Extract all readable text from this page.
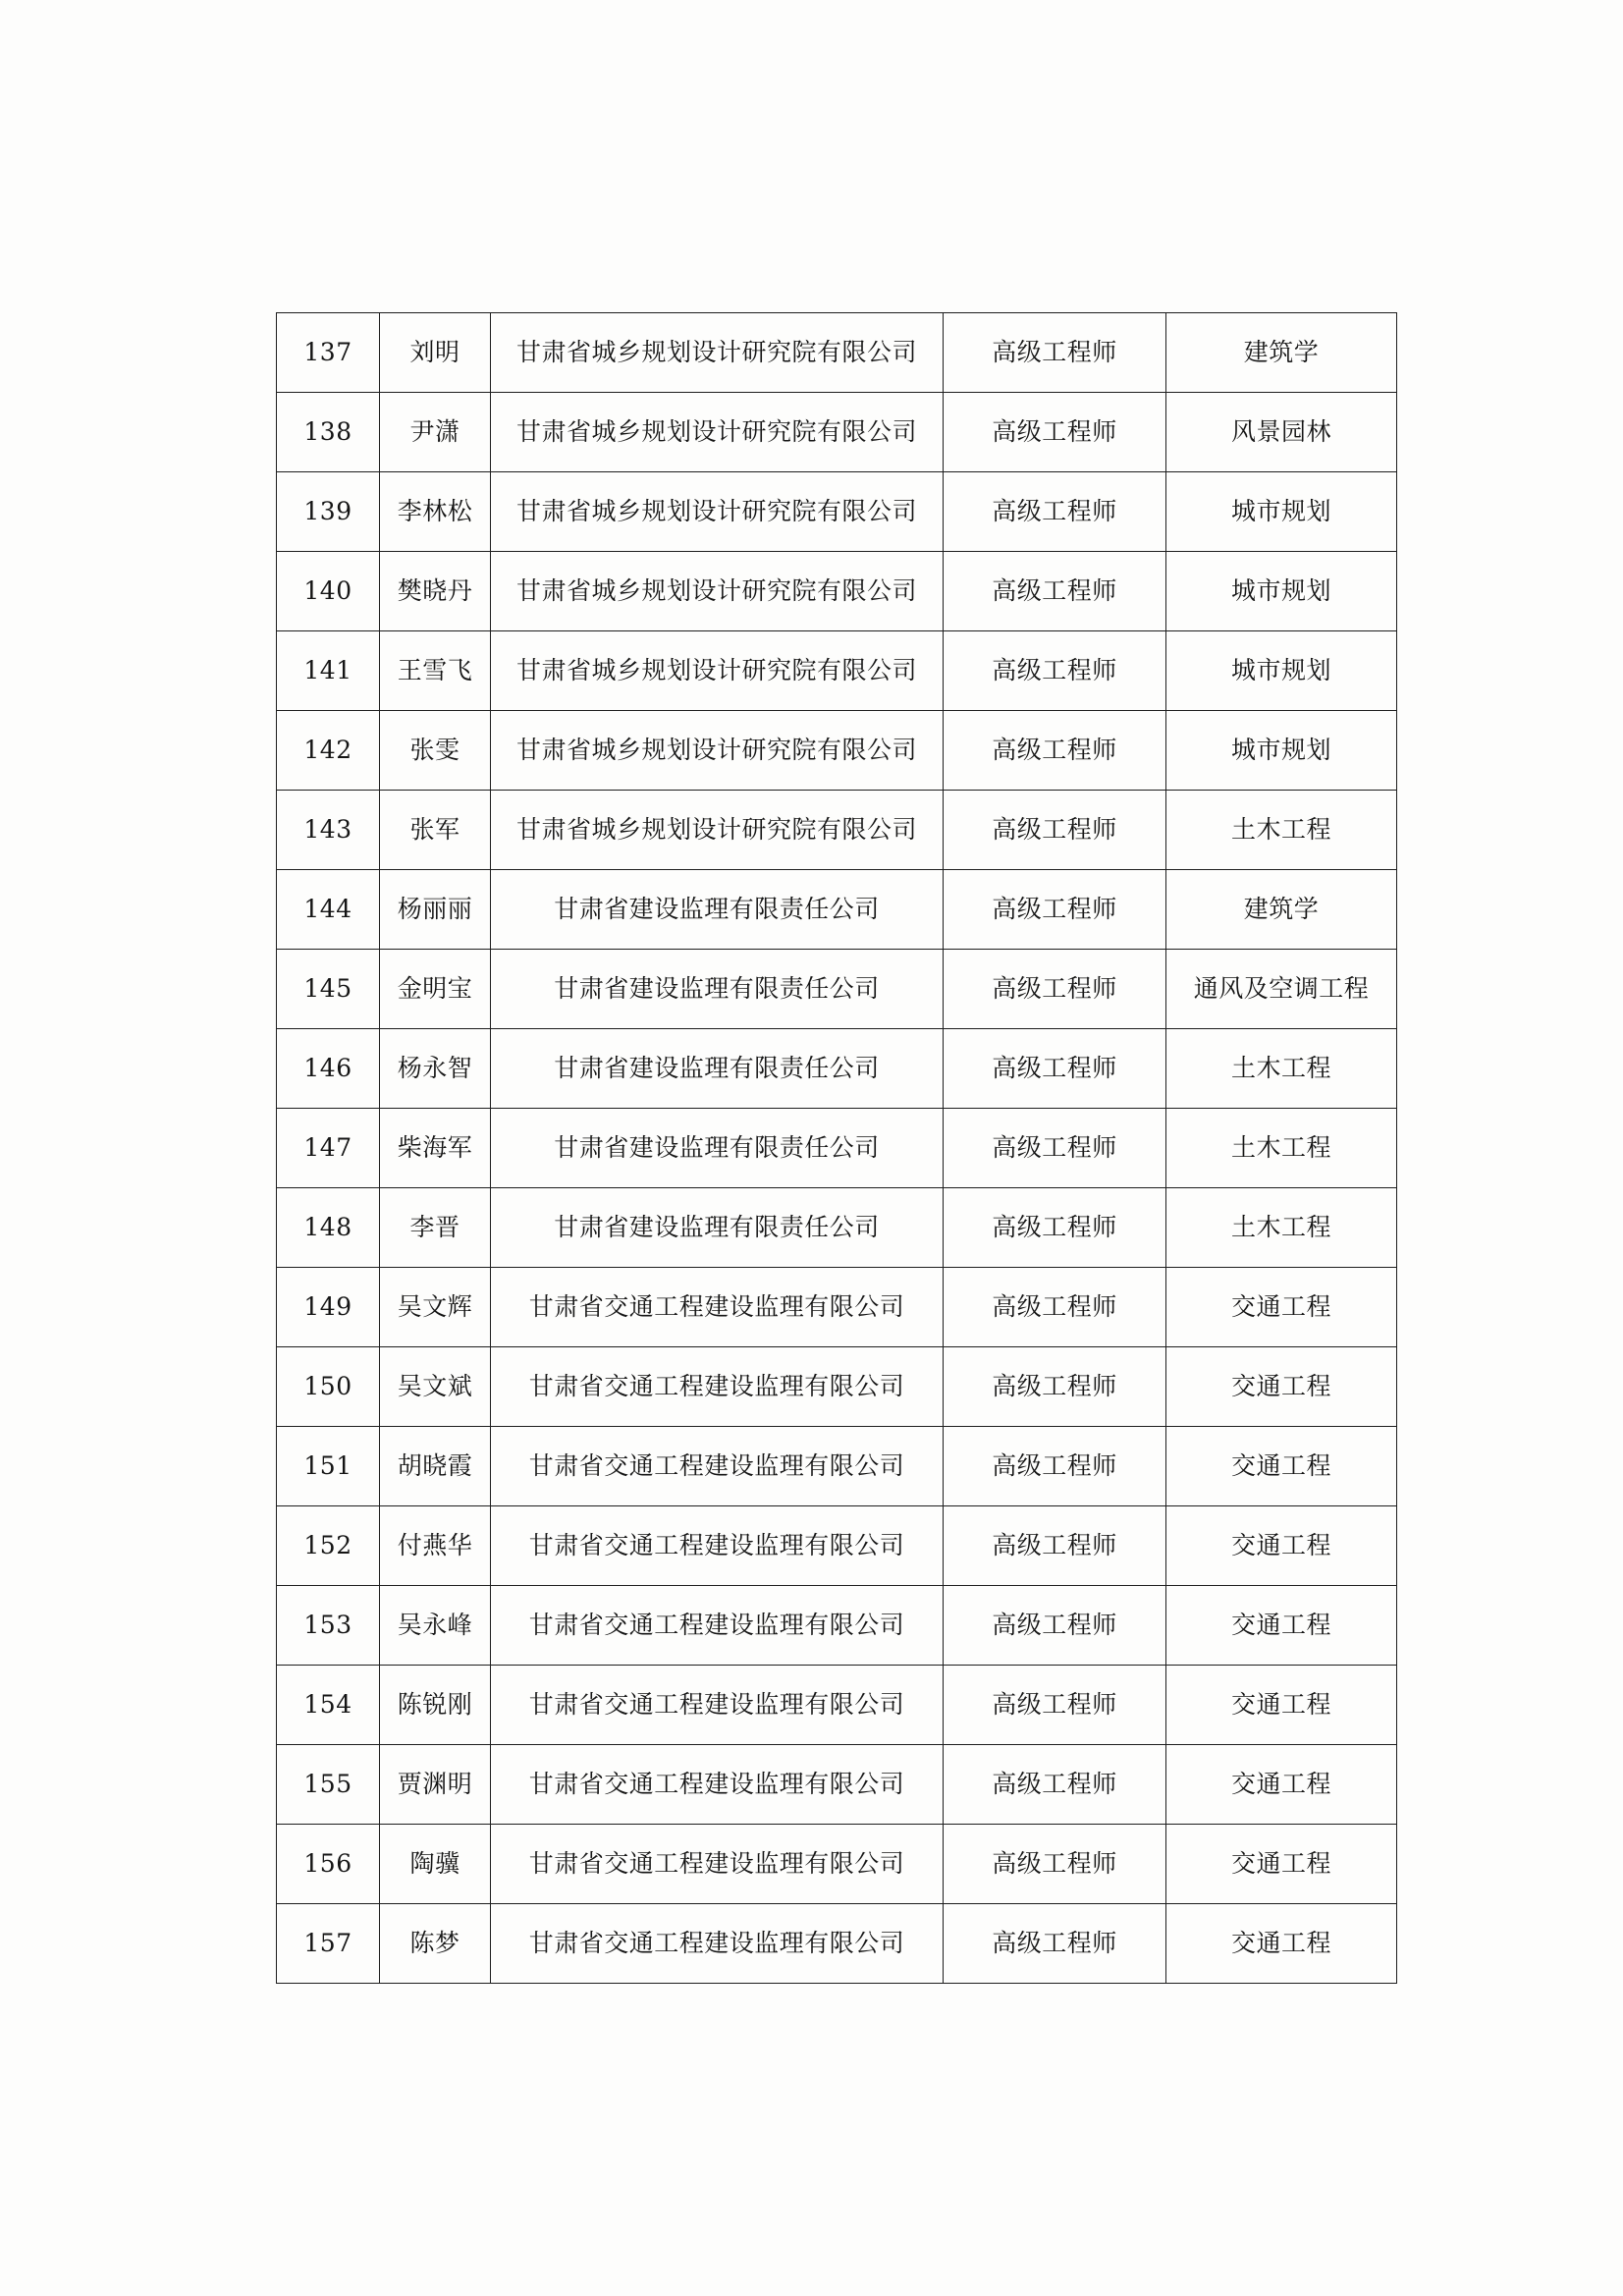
137	刘明	甘肃省城乡规划设计研究院有限公司	高级工程师	建筑学
138	尹潇	甘肃省城乡规划设计研究院有限公司	高级工程师	风景园林
139	李林松	甘肃省城乡规划设计研究院有限公司	高级工程师	城市规划
140	樊晓丹	甘肃省城乡规划设计研究院有限公司	高级工程师	城市规划
141	王雪飞	甘肃省城乡规划设计研究院有限公司	高级工程师	城市规划
142	张雯	甘肃省城乡规划设计研究院有限公司	高级工程师	城市规划
143	张军	甘肃省城乡规划设计研究院有限公司	高级工程师	土木工程
144	杨丽丽	甘肃省建设监理有限责任公司	高级工程师	建筑学
145	金明宝	甘肃省建设监理有限责任公司	高级工程师	通风及空调工程
146	杨永智	甘肃省建设监理有限责任公司	高级工程师	土木工程
147	柴海军	甘肃省建设监理有限责任公司	高级工程师	土木工程
148	李晋	甘肃省建设监理有限责任公司	高级工程师	土木工程
149	吴文辉	甘肃省交通工程建设监理有限公司	高级工程师	交通工程
150	吴文斌	甘肃省交通工程建设监理有限公司	高级工程师	交通工程
151	胡晓霞	甘肃省交通工程建设监理有限公司	高级工程师	交通工程
152	付燕华	甘肃省交通工程建设监理有限公司	高级工程师	交通工程
153	吴永峰	甘肃省交通工程建设监理有限公司	高级工程师	交通工程
154	陈锐刚	甘肃省交通工程建设监理有限公司	高级工程师	交通工程
155	贾渊明	甘肃省交通工程建设监理有限公司	高级工程师	交通工程
156	陶骥	甘肃省交通工程建设监理有限公司	高级工程师	交通工程
157	陈梦	甘肃省交通工程建设监理有限公司	高级工程师	交通工程
